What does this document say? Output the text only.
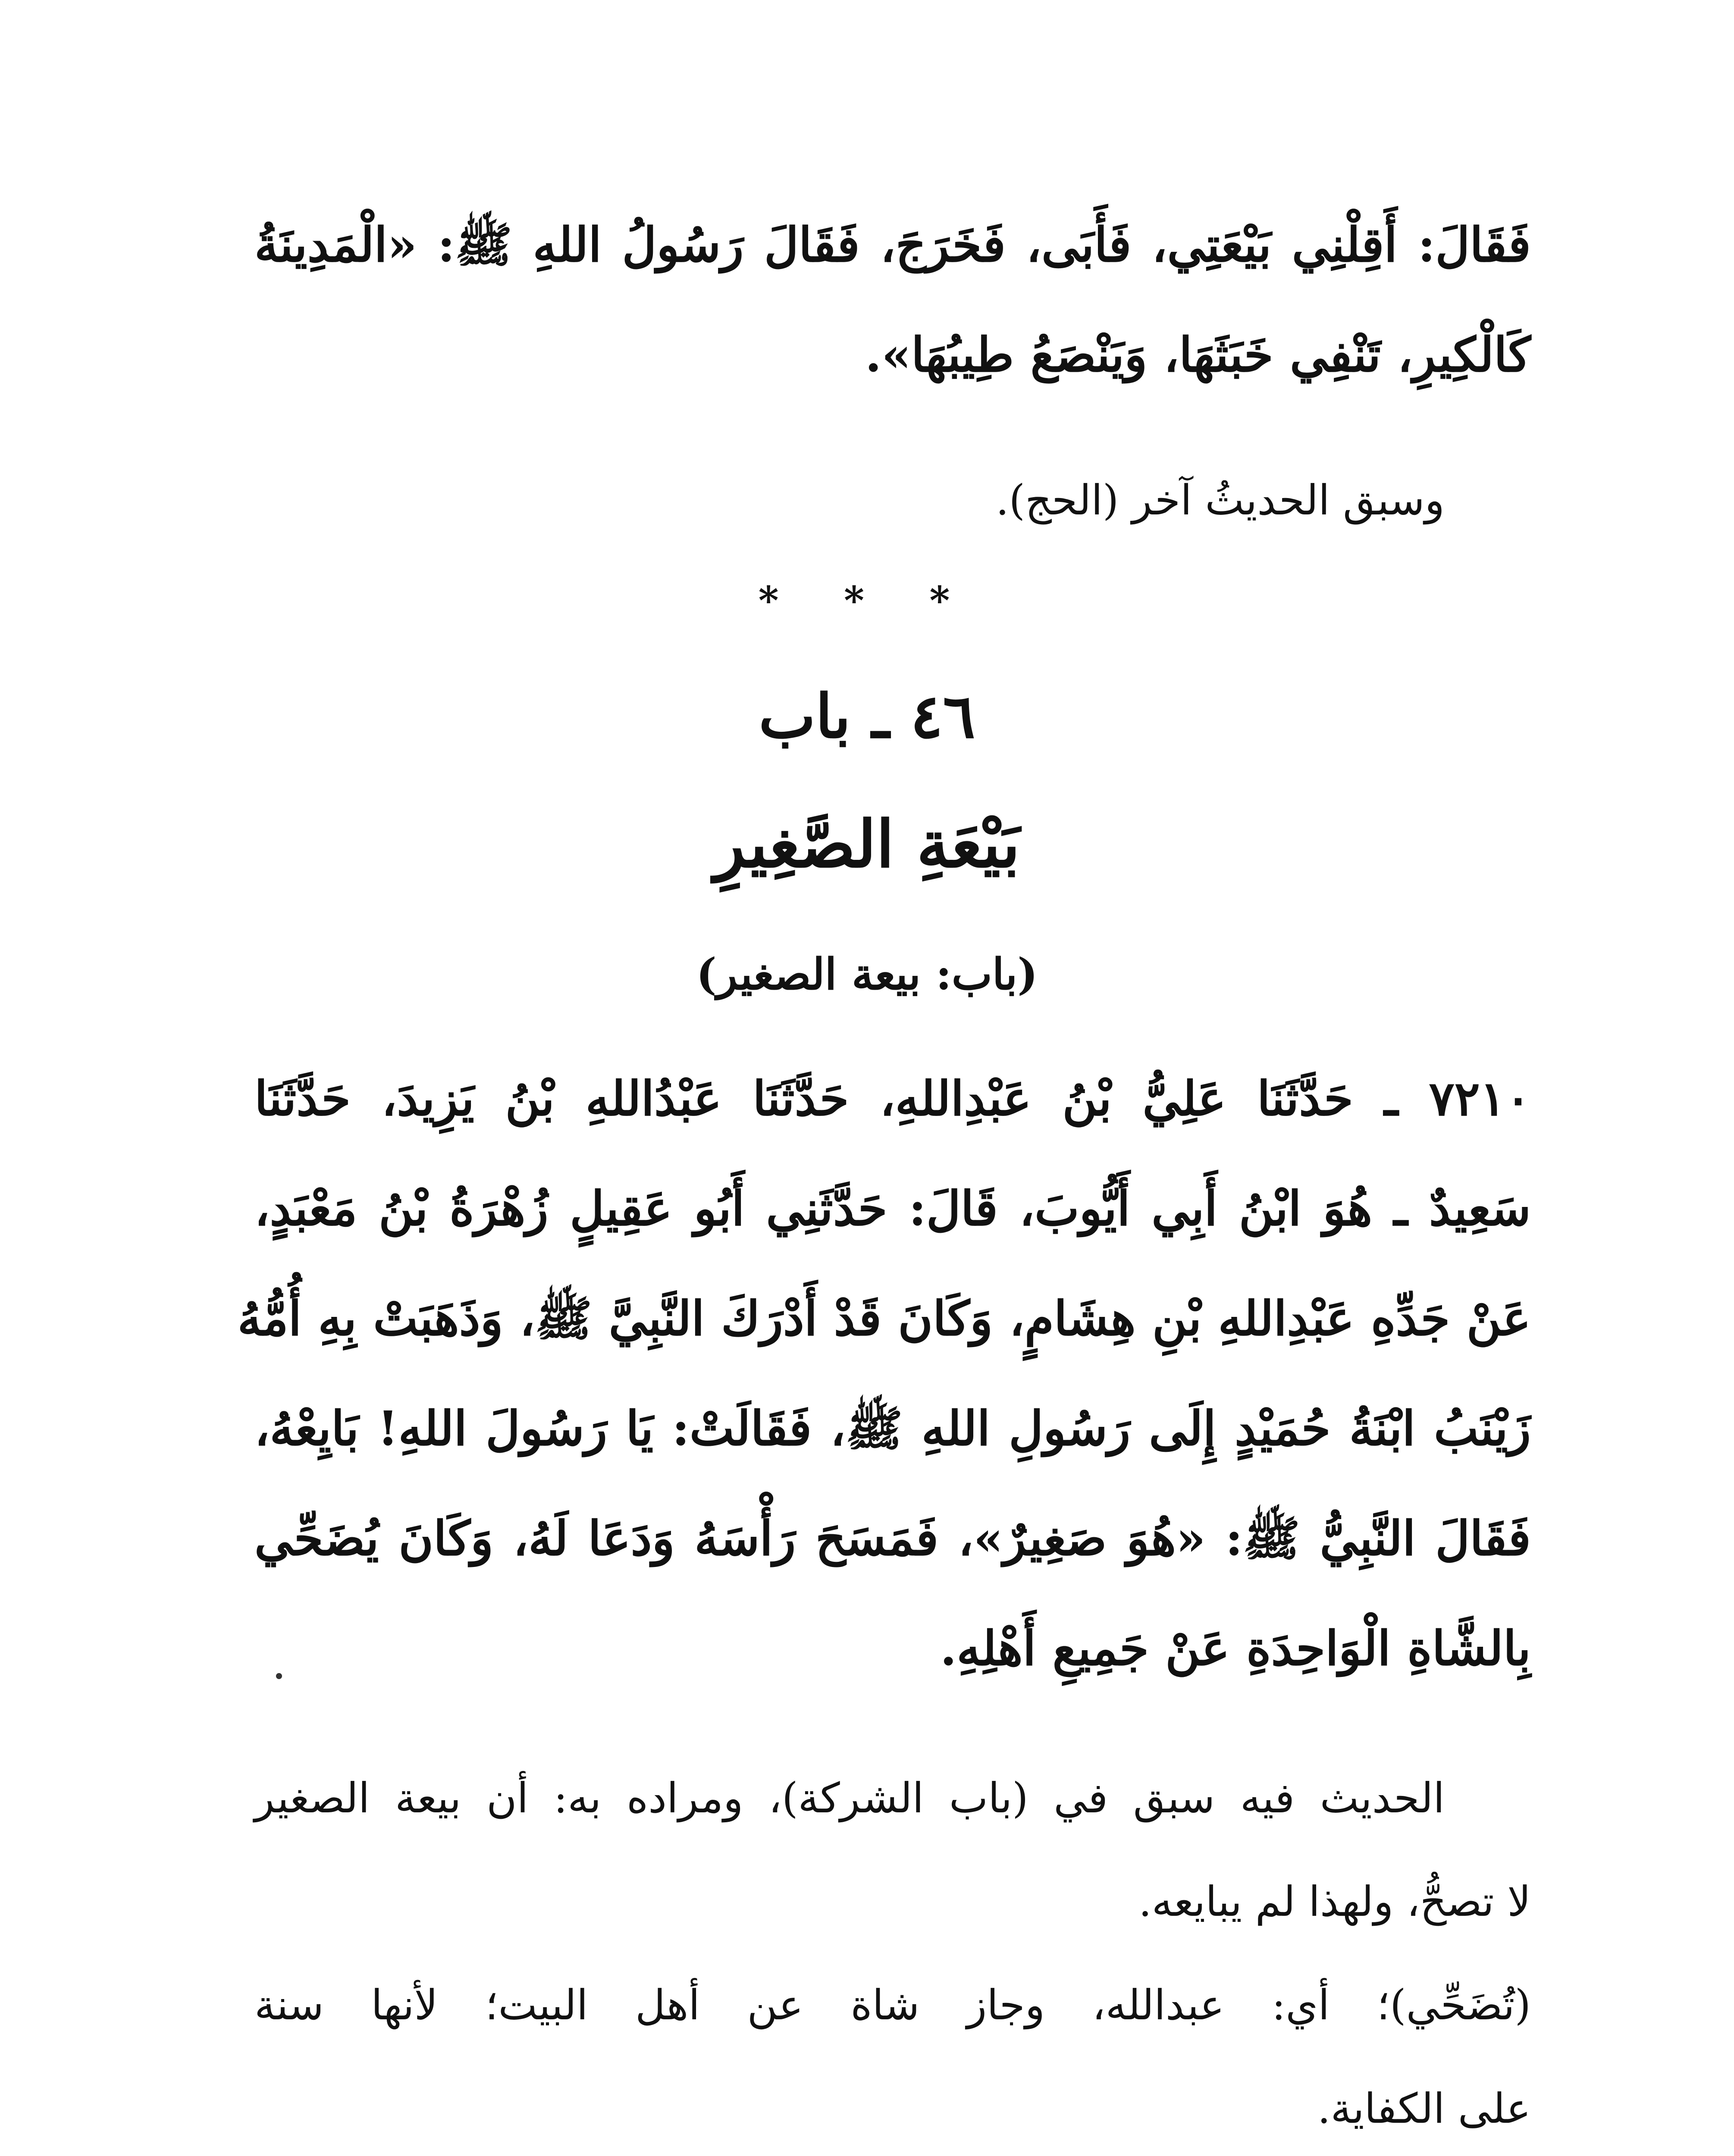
فَقَالَ: أَقِلْنِي بَيْعَتِي، فَأَبَى، فَخَرَجَ، فَقَالَ رَسُولُ اللهِ ﷺ: «الْمَدِينَةُ
كَالْكِيرِ، تَنْفِي خَبَثَهَا، وَيَنْصَعُ طِيبُهَا».
وسبق الحديثُ آخر (الحج).
* * *
٤٦ ـ باب
بَيْعَةِ الصَّغِيرِ
(باب: بيعة الصغير)
٧٢١٠ ـ حَدَّثَنَا عَلِيُّ بْنُ عَبْدِاللهِ، حَدَّثَنَا عَبْدُاللهِ بْنُ يَزِيدَ، حَدَّثَنَا
سَعِيدٌ ـ هُوَ ابْنُ أَبِي أَيُّوبَ، قَالَ: حَدَّثَنِي أَبُو عَقِيلٍ زُهْرَةُ بْنُ مَعْبَدٍ،
عَنْ جَدِّهِ عَبْدِاللهِ بْنِ هِشَامٍ، وَكَانَ قَدْ أَدْرَكَ النَّبِيَّ ﷺ، وَذَهَبَتْ بِهِ أُمُّهُ
زَيْنَبُ ابْنَةُ حُمَيْدٍ إِلَى رَسُولِ اللهِ ﷺ، فَقَالَتْ: يَا رَسُولَ اللهِ! بَايِعْهُ،
فَقَالَ النَّبِيُّ ﷺ: «هُوَ صَغِيرٌ»، فَمَسَحَ رَأْسَهُ وَدَعَا لَهُ، وَكَانَ يُضَحِّي
بِالشَّاةِ الْوَاحِدَةِ عَنْ جَمِيعِ أَهْلِهِ.
الحديث فيه سبق في (باب الشركة)، ومراده به: أن بيعة الصغير
لا تصحُّ، ولهذا لم يبايعه.
(تُضَحِّي)؛ أي: عبدالله، وجاز شاة عن أهل البيت؛ لأنها سنة
على الكفاية.
